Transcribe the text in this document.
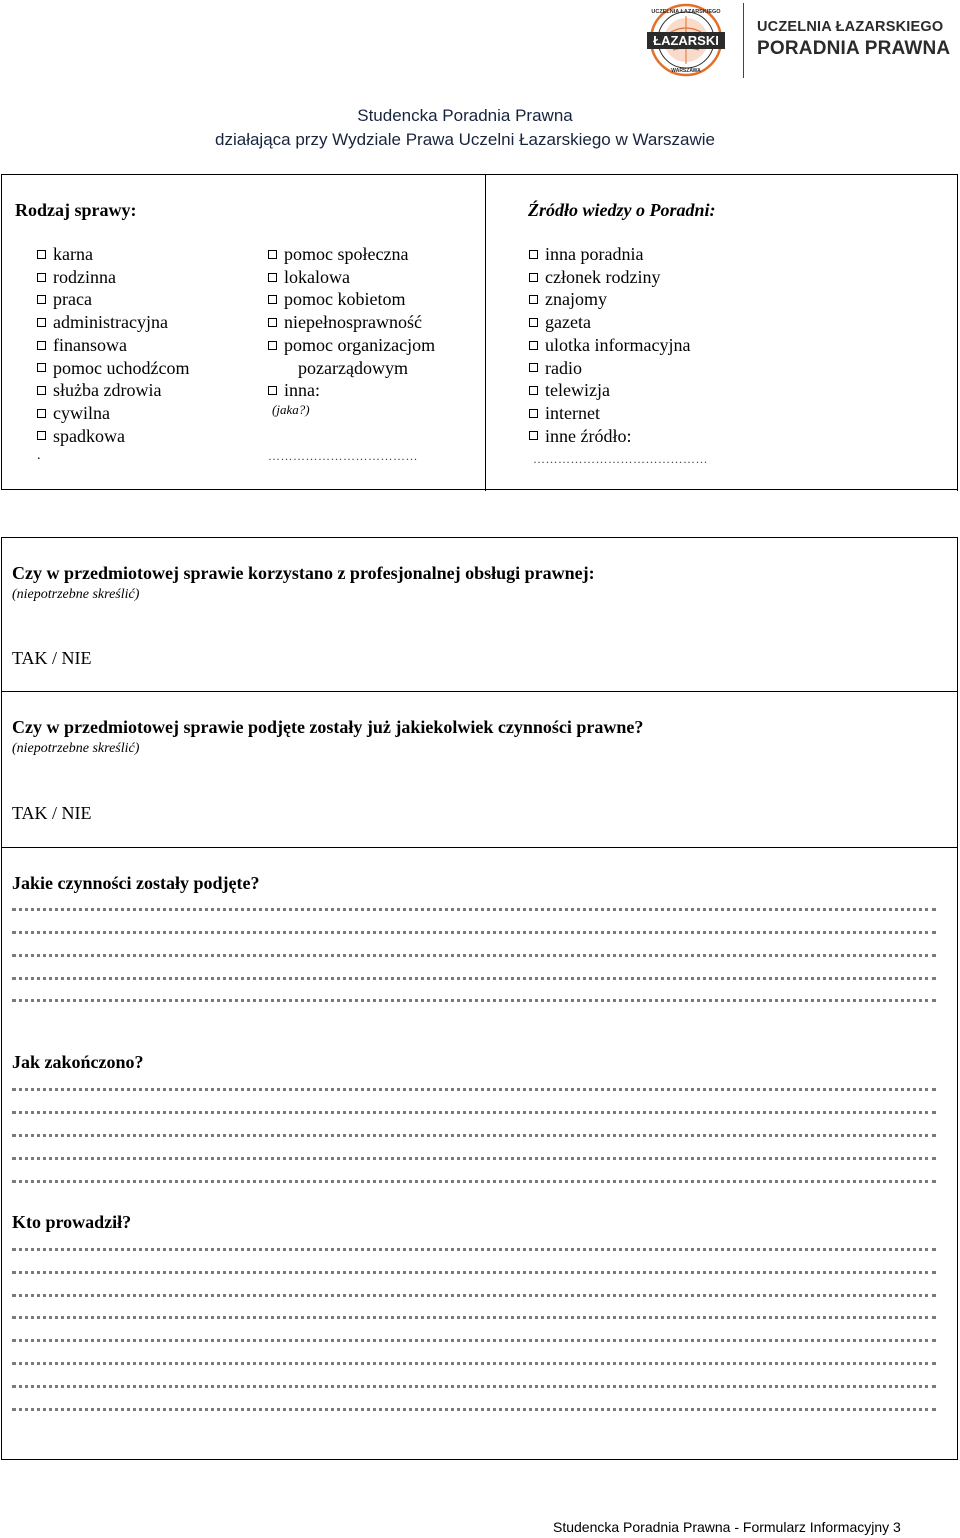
ŁAZARSKI
UCZELNIA ŁAZARSKIEGO
WARSZAWA
UCZELNIA ŁAZARSKIEGO
PORADNIA PRAWNA
Studencka Poradnia Prawna
działająca przy Wydziale Prawa Uczelni Łazarskiego w Warszawie
Rodzaj sprawy:
karna
rodzinna
praca
administracyjna
finansowa
pomoc uchodźcom
służba zdrowia
cywilna
spadkowa
.
pomoc społeczna
lokalowa
pomoc kobietom
niepełnosprawność
pomoc organizacjom
pozarządowym
inna:
(jaka?)
………………………………
Źródło wiedzy o Poradni:
inna poradnia
członek rodziny
znajomy
gazeta
ulotka informacyjna
radio
telewizja
internet
inne źródło:
……………………………………
Czy w przedmiotowej sprawie korzystano z profesjonalnej obsługi prawnej:
(niepotrzebne skreślić)
TAK / NIE
Czy w przedmiotowej sprawie podjęte zostały już jakiekolwiek czynności prawne?
(niepotrzebne skreślić)
TAK / NIE
Jakie czynności zostały podjęte?
Jak zakończono?
Kto prowadził?
Studencka Poradnia Prawna - Formularz Informacyjny 3
